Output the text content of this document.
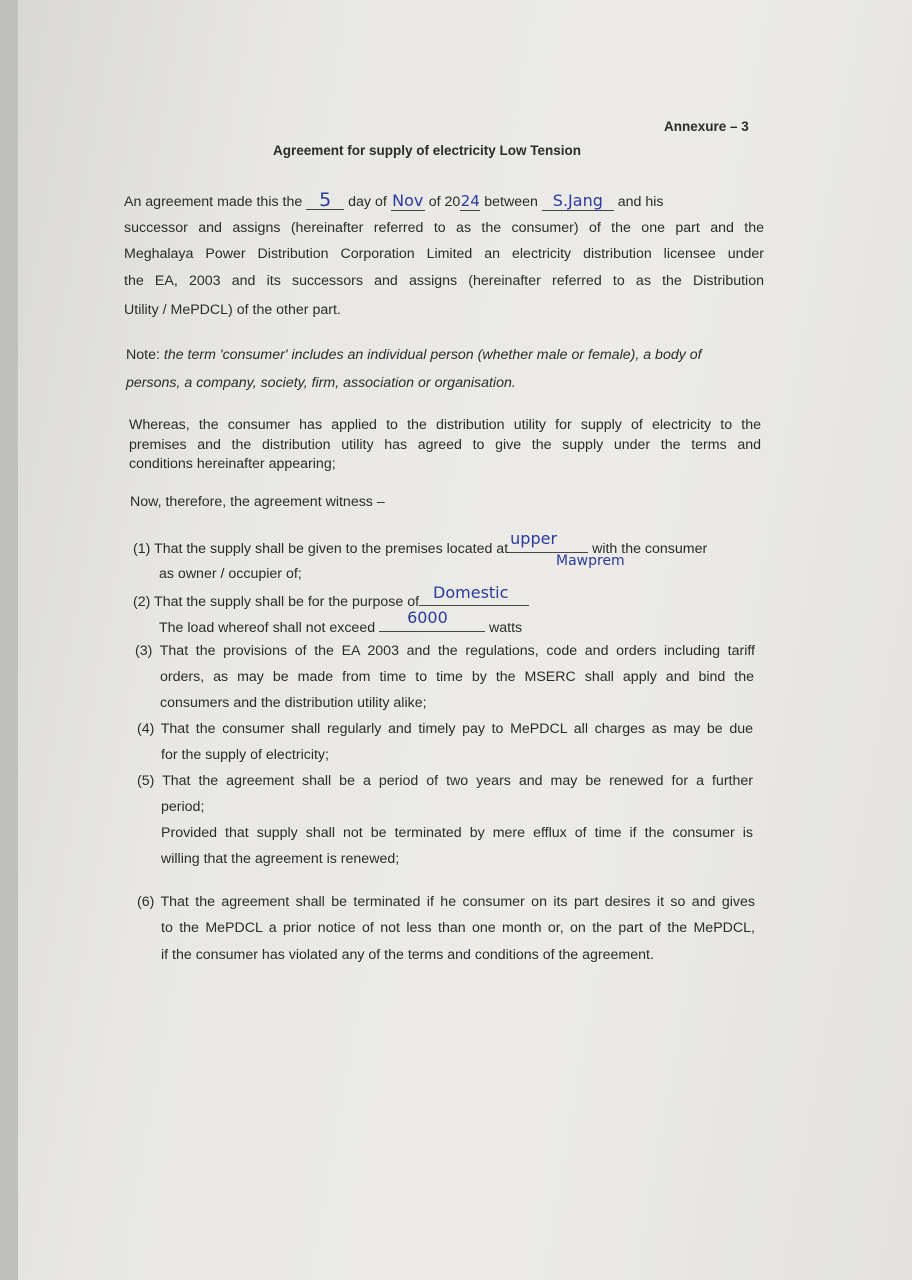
Annexure – 3
Agreement for supply of electricity Low Tension
An agreement made this the 5 day of Nov of 2024 between S.Jang and his
successor and assigns (hereinafter referred to as the consumer) of the one part and the
Meghalaya Power Distribution Corporation Limited an electricity distribution licensee under
the EA, 2003 and its successors and assigns (hereinafter referred to as the Distribution
Utility / MePDCL) of the other part.
Note: the term 'consumer' includes an individual person (whether male or female), a body of
persons, a company, society, firm, association or organisation.
Whereas, the consumer has applied to the distribution utility for supply of electricity to the
premises and the distribution utility has agreed to give the supply under the terms and
conditions hereinafter appearing;
Now, therefore, the agreement witness –
(1) That the supply shall be given to the premises located at
upper
with the consumer
Mawprem
as owner / occupier of;
(2) That the supply shall be for the purpose of Domestic
The load whereof shall not exceed
6000
watts
(3) That the provisions of the EA 2003 and the regulations, code and orders including tariff
orders, as may be made from time to time by the MSERC shall apply and bind the
consumers and the distribution utility alike;
(4) That the consumer shall regularly and timely pay to MePDCL all charges as may be due
for the supply of electricity;
(5) That the agreement shall be a period of two years and may be renewed for a further
period;
Provided that supply shall not be terminated by mere efflux of time if the consumer is
willing that the agreement is renewed;
(6) That the agreement shall be terminated if he consumer on its part desires it so and gives
to the MePDCL a prior notice of not less than one month or, on the part of the MePDCL,
if the consumer has violated any of the terms and conditions of the agreement.
